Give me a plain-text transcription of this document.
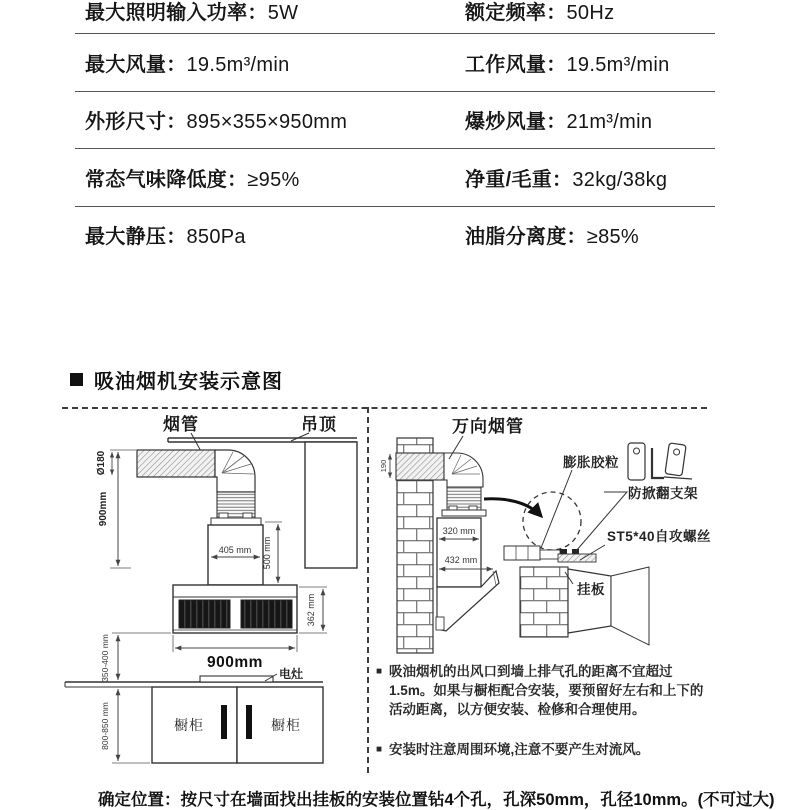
最大照明输入功率：5W	额定频率：50Hz
最大风量：19.5m³/min	工作风量：19.5m³/min
外形尺寸：895×355×950mm	爆炒风量：21m³/min
常态气味降低度：≥95%	净重/毛重：32kg/38kg
最大静压：850Pa	油脂分离度：≥85%
吸油烟机安装示意图
烟管	吊顶
405 mm 500 mm
362 mm
900mm
900mm
Ø180
350-400 mm	电灶
橱柜	橱柜
800-850 mm
190
万向烟管
320 mm
432 mm
膨胀胶粒
防掀翻支架
ST5*40自攻螺丝
挂板
■ 吸油烟机的出风口到墙上排气孔的距离不宜超过1.5m。如果与橱柜配合安装，要预留好左右和上下的活动距离，以方便安装、检修和合理使用。
■ 安装时注意周围环境,注意不要产生对流风。
确定位置：按尺寸在墙面找出挂板的安装位置钻4个孔，孔深50mm，孔径10mm。(不可过大)
